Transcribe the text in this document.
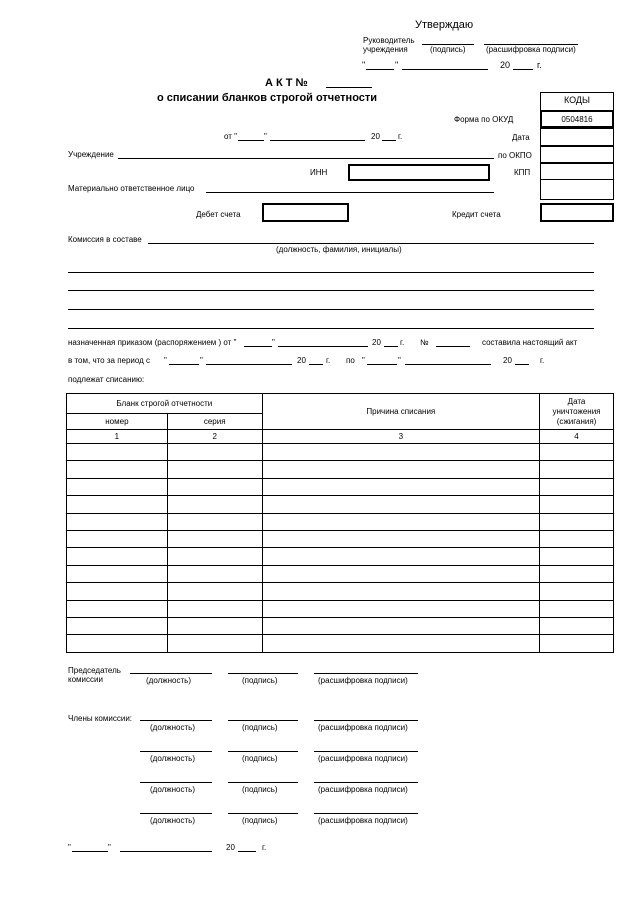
Утверждаю
Руководитель
учреждения	(подпись)	(расшифровка подписи)
"	"	20	г.
А К Т №
о списании бланков строгой отчетности	КОДЫ
0504816
Форма по ОКУД
Дата
по ОКПО
КПП
от "	"	20 г.
Учреждение
ИНН
Материально ответственное лицо
Дебет счета	Кредит счета
Комиссия в составе
(должность, фамилия, инициалы)
назначенная приказом (распоряжением ) от "	"	20 г. №	составила настоящий акт
в том, что за период с "	"	20	г. по "	"	20	г.
подлежат списанию:
Бланк строгой отчетности		Причина списания	Дата
уничтожения
(сжигания)

номер	серия		
1	2	3	4

Председатель
комиссии	(должность)	(подпись)	(расшифровка подписи)
Члены комиссии:
(должность)	(подпись)	(расшифровка подписи)
(должность)	(подпись)	(расшифровка подписи)
(должность)	(подпись)	(расшифровка подписи)
(должность)	(подпись)	(расшифровка подписи)
"	"	20	г.
